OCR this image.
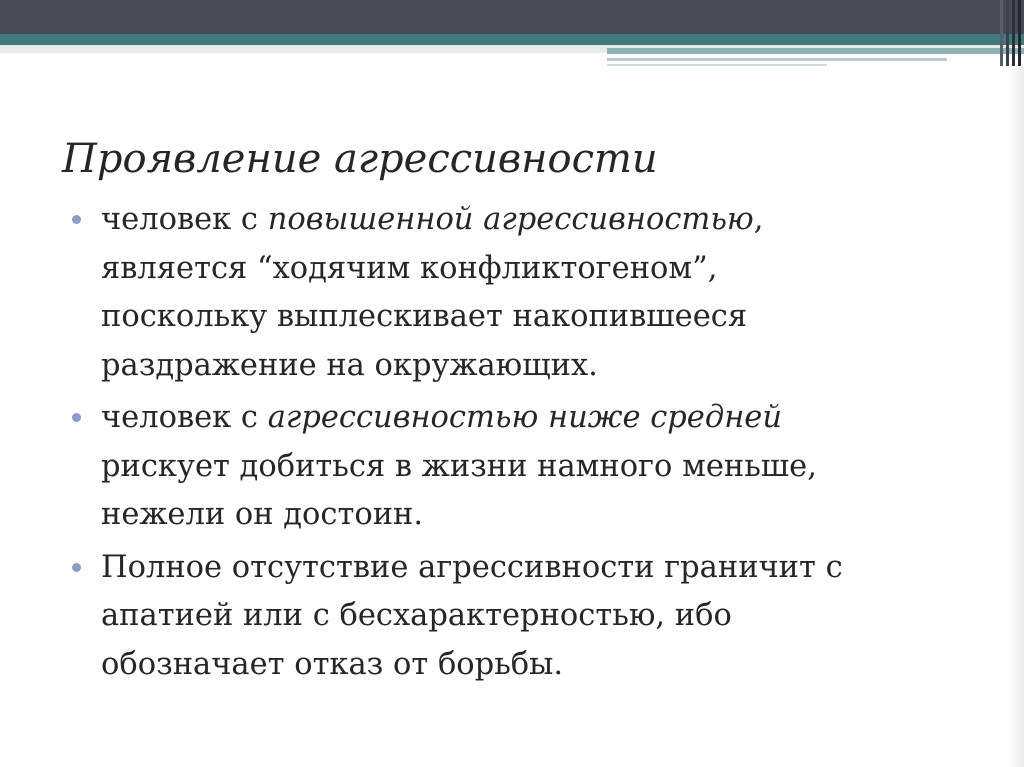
Проявление агрессивности
человек с повышенной агрессивностью,
является “ходячим конфликтогеном”,
поскольку выплескивает накопившееся
раздражение на окружающих.
человек с агрессивностью ниже средней
рискует добиться в жизни намного меньше,
нежели он достоин.
Полное отсутствие агрессивности граничит с
апатией или с бесхарактерностью, ибо
обозначает отказ от борьбы.
